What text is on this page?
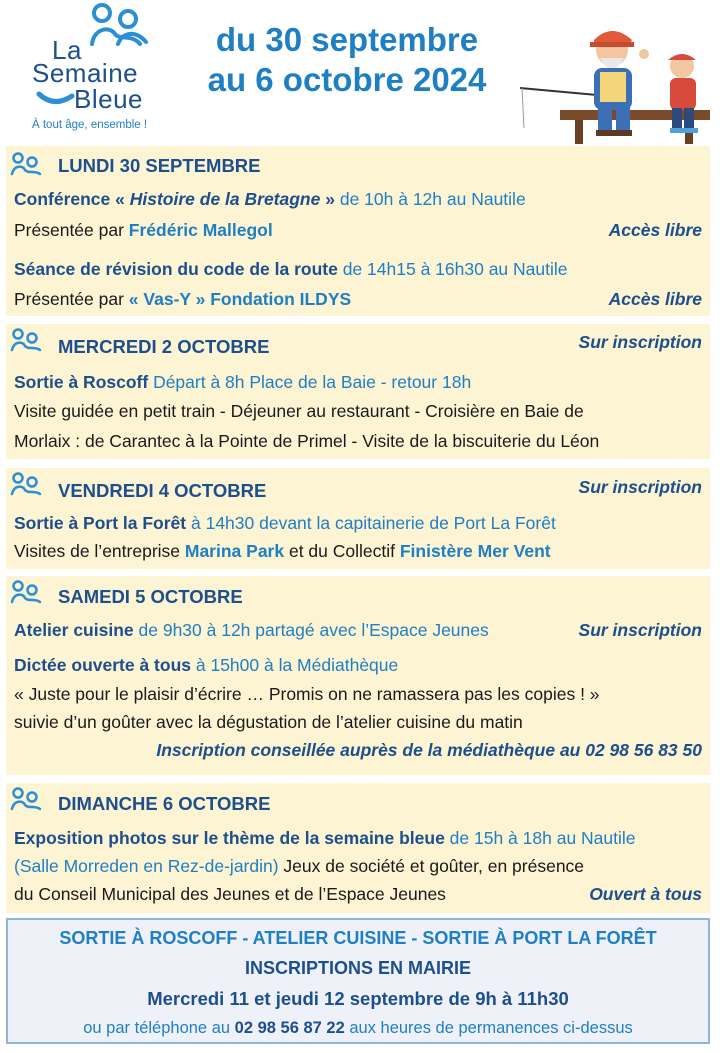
La
Semaine
Bleue
À tout âge, ensemble !
du 30 septembre
au 6 octobre 2024
LUNDI 30 SEPTEMBRE
Conférence « Histoire de la Bretagne » de 10h à 12h au Nautile
Présentée par Frédéric Mallegol	Accès libre
Séance de révision du code de la route de 14h15 à 16h30 au Nautile
Présentée par « Vas-Y » Fondation ILDYS	Accès libre
MERCREDI 2 OCTOBRE	Sur inscription
Sortie à Roscoff Départ à 8h Place de la Baie - retour 18h
Visite guidée en petit train - Déjeuner au restaurant - Croisière en Baie de
Morlaix : de Carantec à la Pointe de Primel - Visite de la biscuiterie du Léon
VENDREDI 4 OCTOBRE	Sur inscription
Sortie à Port la Forêt à 14h30 devant la capitainerie de Port La Forêt
Visites de l’entreprise Marina Park et du Collectif Finistère Mer Vent
SAMEDI 5 OCTOBRE
Atelier cuisine de 9h30 à 12h partagé avec l’Espace Jeunes	Sur inscription
Dictée ouverte à tous à 15h00 à la Médiathèque
« Juste pour le plaisir d’écrire … Promis on ne ramassera pas les copies ! »
suivie d’un goûter avec la dégustation de l’atelier cuisine du matin
Inscription conseillée auprès de la médiathèque au 02 98 56 83 50
DIMANCHE 6 OCTOBRE
Exposition photos sur le thème de la semaine bleue de 15h à 18h au Nautile
(Salle Morreden en Rez-de-jardin) Jeux de société et goûter, en présence
du Conseil Municipal des Jeunes et de l’Espace Jeunes	Ouvert à tous
SORTIE À ROSCOFF - ATELIER CUISINE - SORTIE À PORT LA FORÊT
INSCRIPTIONS EN MAIRIE
Mercredi 11 et jeudi 12 septembre de 9h à 11h30
ou par téléphone au 02 98 56 87 22 aux heures de permanences ci-dessus
